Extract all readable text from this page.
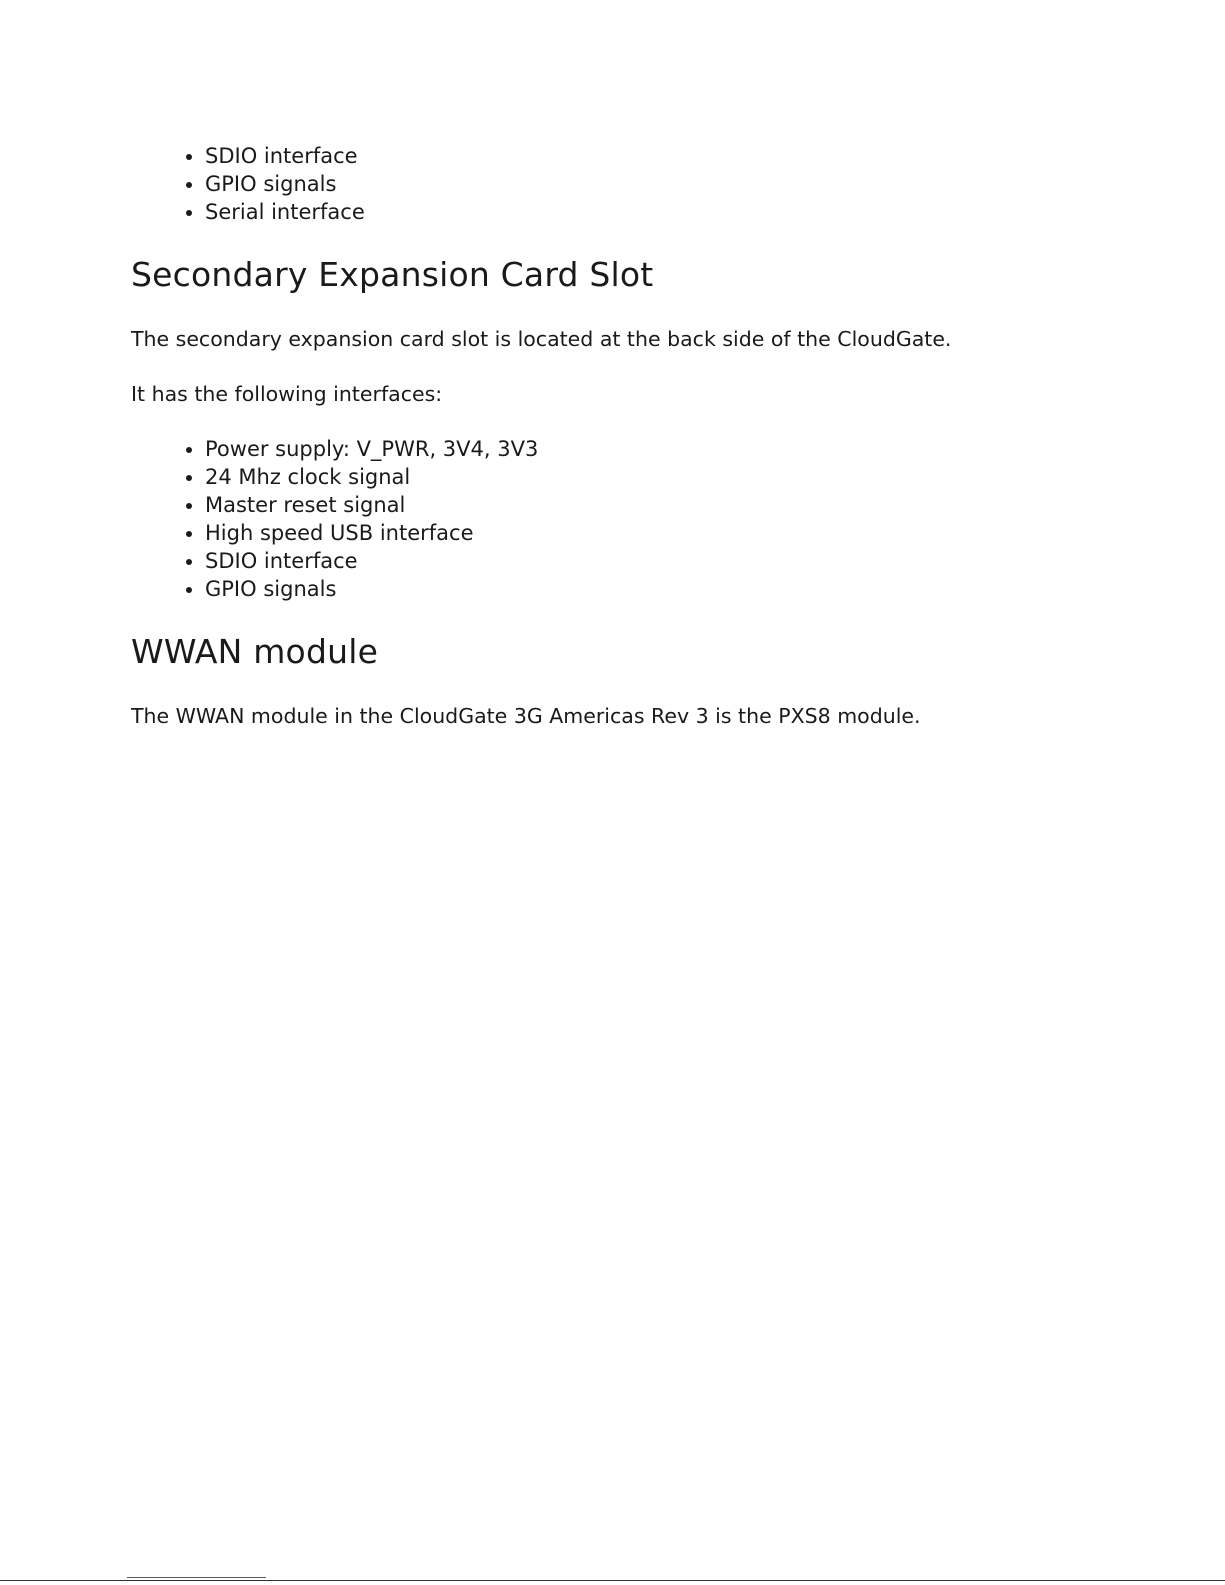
SDIO interface
GPIO signals
Serial interface
Secondary Expansion Card Slot

The secondary expansion card slot is located at the back side of the CloudGate.

It has the following interfaces:

Power supply: V_PWR, 3V4, 3V3
24 Mhz clock signal
Master reset signal
High speed USB interface
SDIO interface
GPIO signals
WWAN module

The WWAN module in the CloudGate 3G Americas Rev 3 is the PXS8 module.
